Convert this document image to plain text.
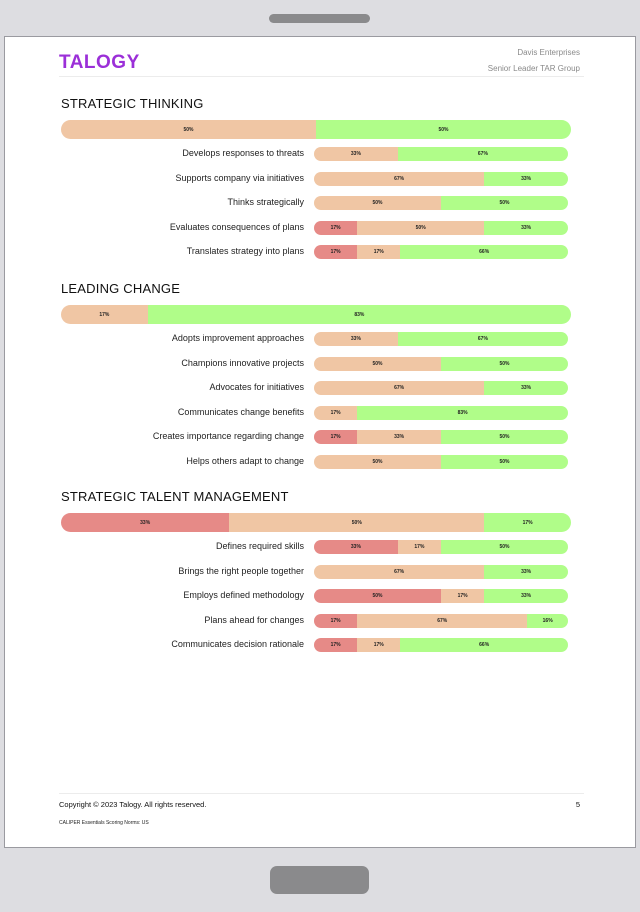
TALOGY	Davis Enterprises
Senior Leader TAR Group
STRATEGIC THINKING
50%	50%
Develops responses to threats	33%	67%
Supports company via initiatives	67%	33%
Thinks strategically	50%	50%
Evaluates consequences of plans	17%	50%	33%
Translates strategy into plans	17%	17%	66%
LEADING CHANGE
17%	83%
Adopts improvement approaches	33%	67%
Champions innovative projects	50%	50%
Advocates for initiatives	67%	33%
Communicates change benefits	17%	83%
Creates importance regarding change	17%	33%	50%
Helps others adapt to change	50%	50%
STRATEGIC TALENT MANAGEMENT
33%	50%	17%
Defines required skills	33%	17%	50%
Brings the right people together	67%	33%
Employs defined methodology	50%	17%	33%
Plans ahead for changes	17%	67%	16%
Communicates decision rationale	17%	17%	66%
Copyright © 2023 Talogy. All rights reserved.	5
CALIPER Essentials Scoring Norms: US
